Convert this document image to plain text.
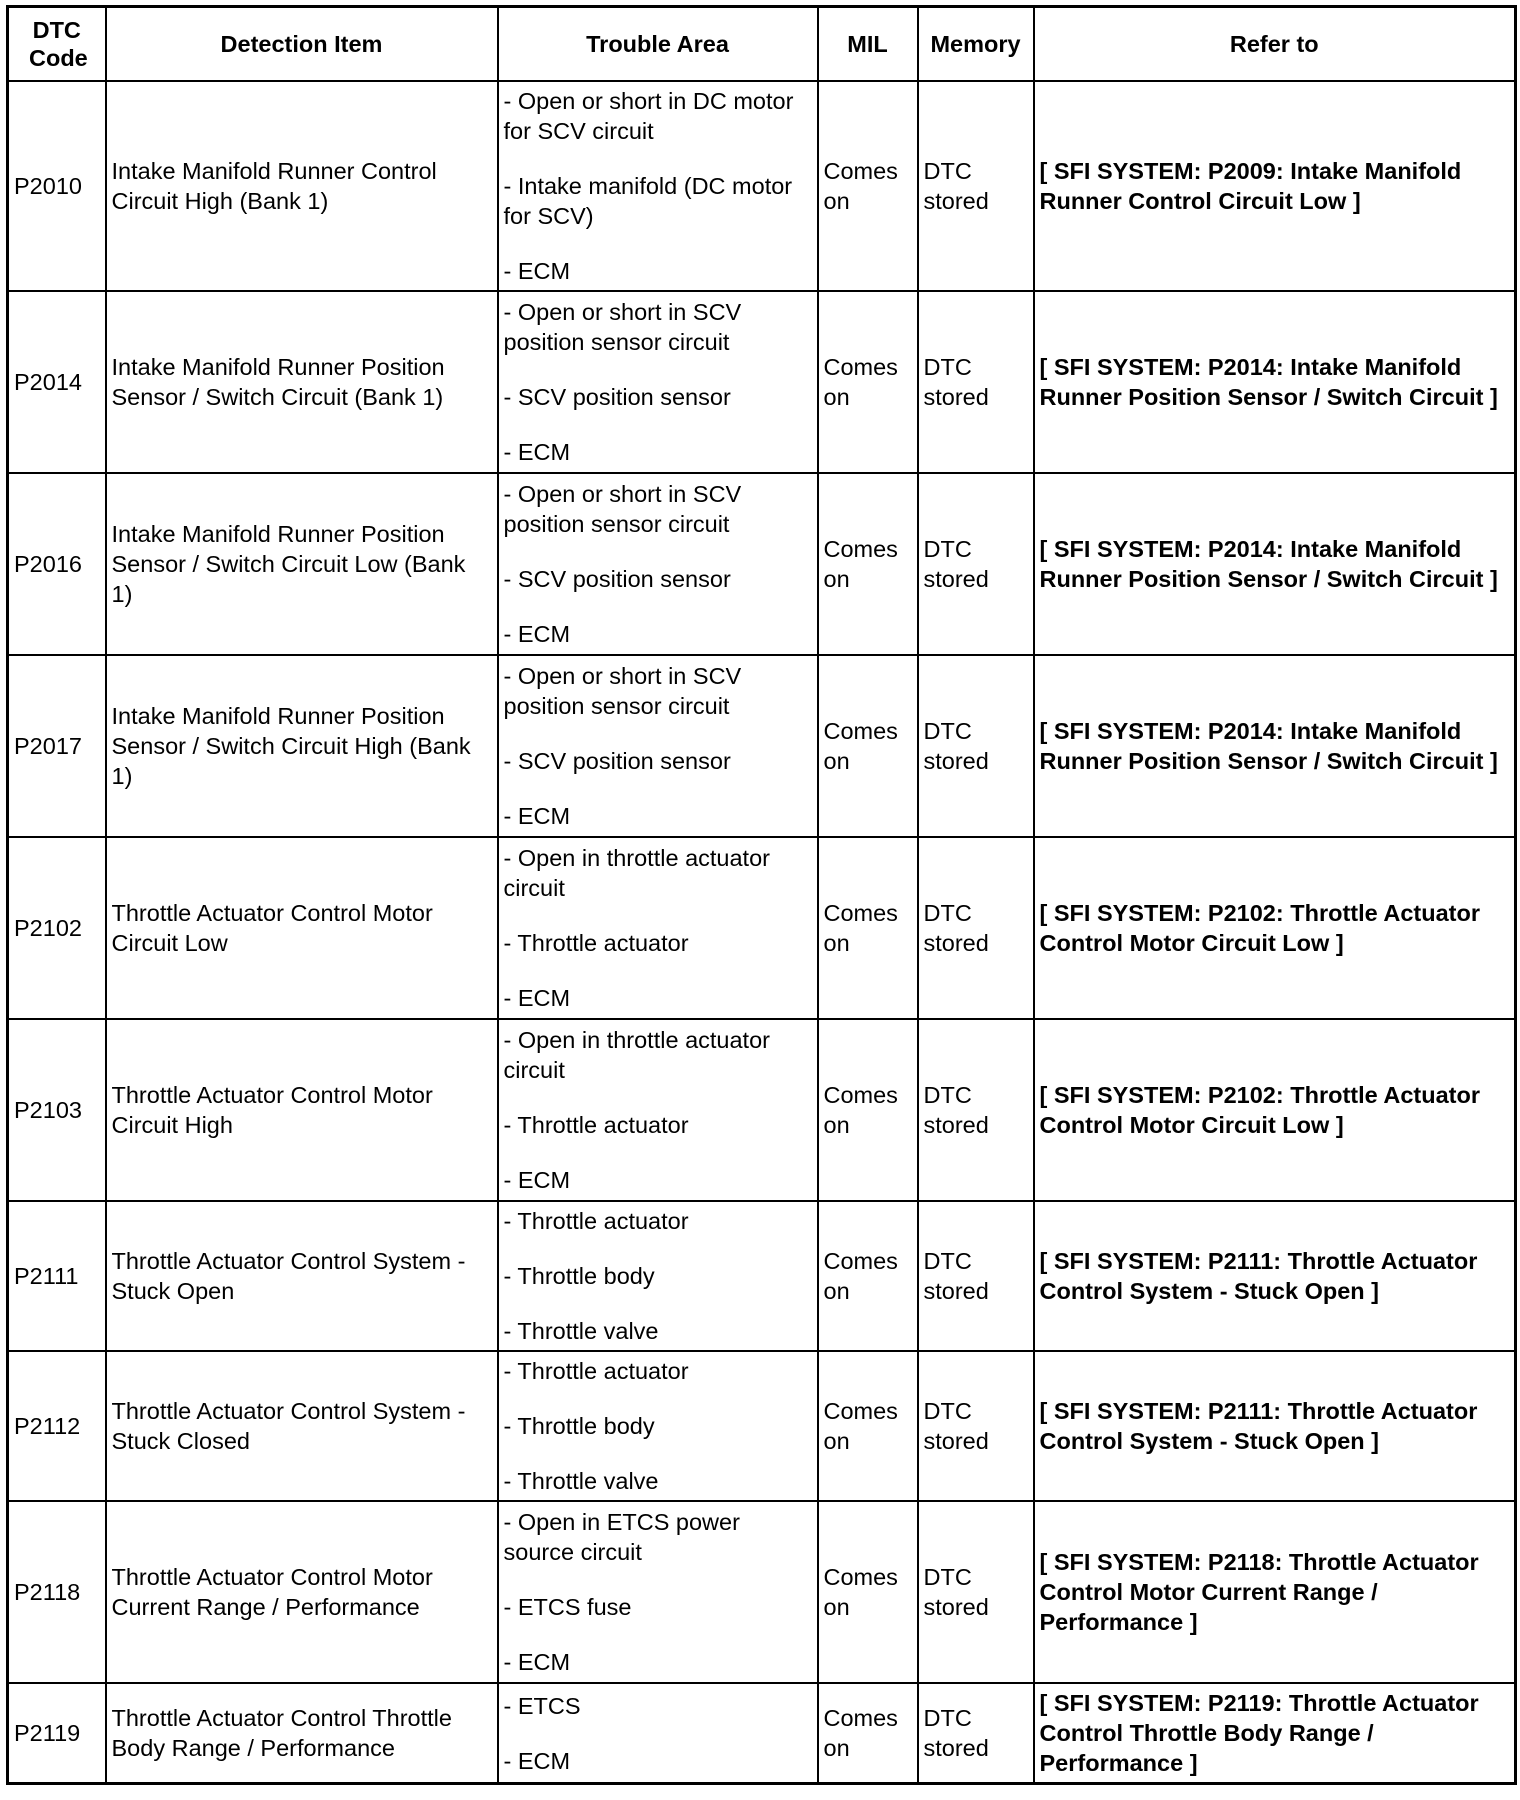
DTC Code	Detection Item	Trouble Area	MIL	Memory	Refer to
P2010	Intake Manifold Runner Control Circuit High (Bank 1)	- Open or short in DC motor for SCV circuit
- Intake manifold (DC motor for SCV)
- ECM	Comes on	DTC stored	[ SFI SYSTEM: P2009: Intake Manifold Runner Control Circuit Low ]
P2014	Intake Manifold Runner Position Sensor / Switch Circuit (Bank 1)	- Open or short in SCV position sensor circuit
- SCV position sensor
- ECM	Comes on	DTC stored	[ SFI SYSTEM: P2014: Intake Manifold Runner Position Sensor / Switch Circuit ]
P2016	Intake Manifold Runner Position Sensor / Switch Circuit Low (Bank 1)	- Open or short in SCV position sensor circuit
- SCV position sensor
- ECM	Comes on	DTC stored	[ SFI SYSTEM: P2014: Intake Manifold Runner Position Sensor / Switch Circuit ]
P2017	Intake Manifold Runner Position Sensor / Switch Circuit High (Bank 1)	- Open or short in SCV position sensor circuit
- SCV position sensor
- ECM	Comes on	DTC stored	[ SFI SYSTEM: P2014: Intake Manifold Runner Position Sensor / Switch Circuit ]
P2102	Throttle Actuator Control Motor Circuit Low	- Open in throttle actuator circuit
- Throttle actuator
- ECM	Comes on	DTC stored	[ SFI SYSTEM: P2102: Throttle Actuator Control Motor Circuit Low ]
P2103	Throttle Actuator Control Motor Circuit High	- Open in throttle actuator circuit
- Throttle actuator
- ECM	Comes on	DTC stored	[ SFI SYSTEM: P2102: Throttle Actuator Control Motor Circuit Low ]
P2111	Throttle Actuator Control System - Stuck Open	- Throttle actuator
- Throttle body
- Throttle valve	Comes on	DTC stored	[ SFI SYSTEM: P2111: Throttle Actuator Control System - Stuck Open ]
P2112	Throttle Actuator Control System - Stuck Closed	- Throttle actuator
- Throttle body
- Throttle valve	Comes on	DTC stored	[ SFI SYSTEM: P2111: Throttle Actuator Control System - Stuck Open ]
P2118	Throttle Actuator Control Motor Current Range / Performance	- Open in ETCS power source circuit
- ETCS fuse
- ECM	Comes on	DTC stored	[ SFI SYSTEM: P2118: Throttle Actuator Control Motor Current Range / Performance ]
P2119	Throttle Actuator Control Throttle Body Range / Performance	- ETCS
- ECM	Comes on	DTC stored	[ SFI SYSTEM: P2119: Throttle Actuator Control Throttle Body Range / Performance ]
